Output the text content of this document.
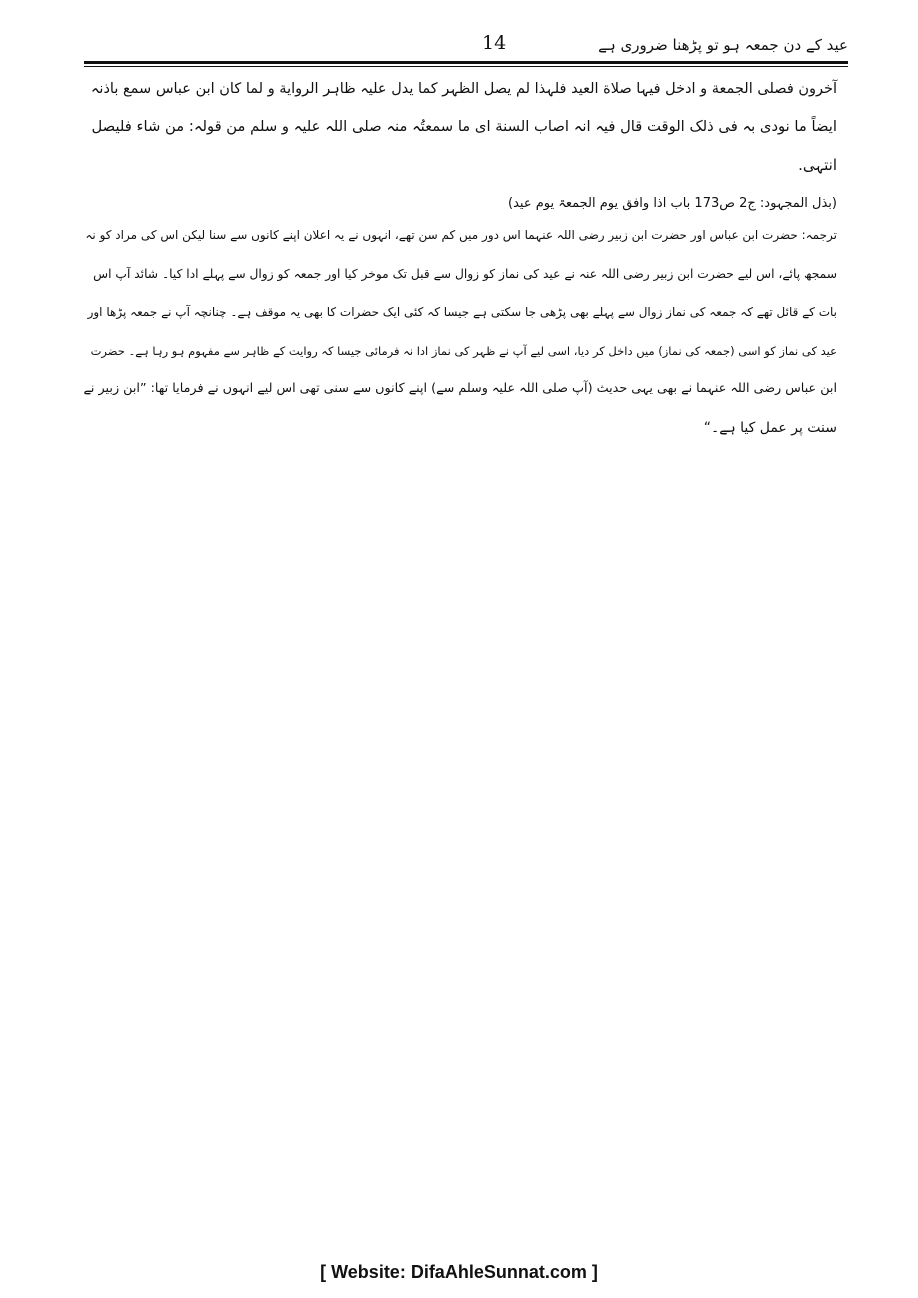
عید کے دن جمعہ ہو تو پڑھنا ضروری ہے
14
آخرون فصلی الجمعة و ادخل فیہا صلاة العید فلہذا لم یصل الظہر کما یدل علیہ ظاہر الروایة و لما کان ابن عباس سمع باذنہ
ایضاً ما نودی بہ فی ذلک الوقت قال فیہ انہ اصاب السنة ای ما سمعتُہ منہ صلی اللہ علیہ و سلم من قولہ: من شاء فلیصل
انتہی.
(بذل المجہود: ج2 ص173 باب اذا وافق یوم الجمعۃ یوم عید)
ترجمہ: حضرت ابن عباس اور حضرت ابن زبیر رضی اللہ عنہما اس دور میں کم سن تھے، انہوں نے یہ اعلان اپنے کانوں سے سنا لیکن اس کی مراد کو نہ
سمجھ پائے، اس لیے حضرت ابن زبیر رضی اللہ عنہ نے عید کی نماز کو زوال سے قبل تک موخر کیا اور جمعہ کو زوال سے پہلے ادا کیا۔ شائد آپ اس
بات کے قائل تھے کہ جمعہ کی نماز زوال سے پہلے بھی پڑھی جا سکتی ہے جیسا کہ کئی ایک حضرات کا بھی یہ موقف ہے۔ چنانچہ آپ نے جمعہ پڑھا اور
عید کی نماز کو اسی (جمعہ کی نماز) میں داخل کر دیا، اسی لیے آپ نے ظہر کی نماز ادا نہ فرمائی جیسا کہ روایت کے ظاہر سے مفہوم ہو رہا ہے۔ حضرت
ابن عباس رضی اللہ عنہما نے بھی یہی حدیث (آپ صلی اللہ علیہ وسلم سے) اپنے کانوں سے سنی تھی اس لیے انہوں نے فرمایا تھا: ”ابن زبیر نے
سنت پر عمل کیا ہے۔“
[ Website: DifaAhleSunnat.com ]
